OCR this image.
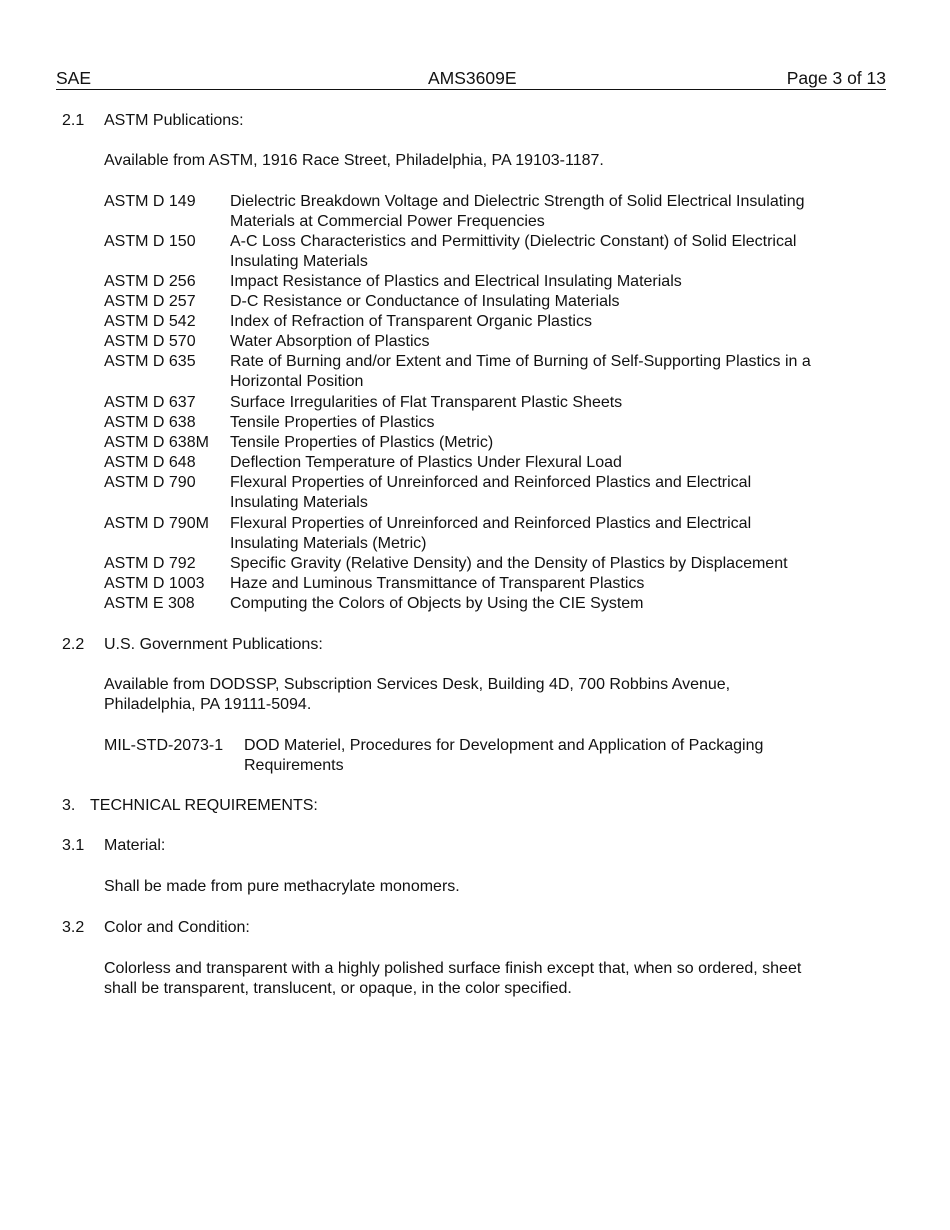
SAE	AMS3609E	Page 3 of 13
2.1 ASTM Publications:
Available from ASTM, 1916 Race Street, Philadelphia, PA 19103-1187.
ASTM D 149 Dielectric Breakdown Voltage and Dielectric Strength of Solid Electrical Insulating
Materials at Commercial Power Frequencies
ASTM D 150 A-C Loss Characteristics and Permittivity (Dielectric Constant) of Solid Electrical
Insulating Materials
ASTM D 256 Impact Resistance of Plastics and Electrical Insulating Materials
ASTM D 257 D-C Resistance or Conductance of Insulating Materials
ASTM D 542 Index of Refraction of Transparent Organic Plastics
ASTM D 570 Water Absorption of Plastics
ASTM D 635 Rate of Burning and/or Extent and Time of Burning of Self-Supporting Plastics in a
Horizontal Position
ASTM D 637 Surface Irregularities of Flat Transparent Plastic Sheets
ASTM D 638 Tensile Properties of Plastics
ASTM D 638M Tensile Properties of Plastics (Metric)
ASTM D 648 Deflection Temperature of Plastics Under Flexural Load
ASTM D 790 Flexural Properties of Unreinforced and Reinforced Plastics and Electrical
Insulating Materials
ASTM D 790M Flexural Properties of Unreinforced and Reinforced Plastics and Electrical
Insulating Materials (Metric)
ASTM D 792 Specific Gravity (Relative Density) and the Density of Plastics by Displacement
ASTM D 1003 Haze and Luminous Transmittance of Transparent Plastics
ASTM E 308 Computing the Colors of Objects by Using the CIE System
2.2 U.S. Government Publications:
Available from DODSSP, Subscription Services Desk, Building 4D, 700 Robbins Avenue,
Philadelphia, PA 19111-5094.
MIL-STD-2073-1 DOD Materiel, Procedures for Development and Application of Packaging
Requirements
3. TECHNICAL REQUIREMENTS:
3.1 Material:
Shall be made from pure methacrylate monomers.
3.2 Color and Condition:
Colorless and transparent with a highly polished surface finish except that, when so ordered, sheet
shall be transparent, translucent, or opaque, in the color specified.
